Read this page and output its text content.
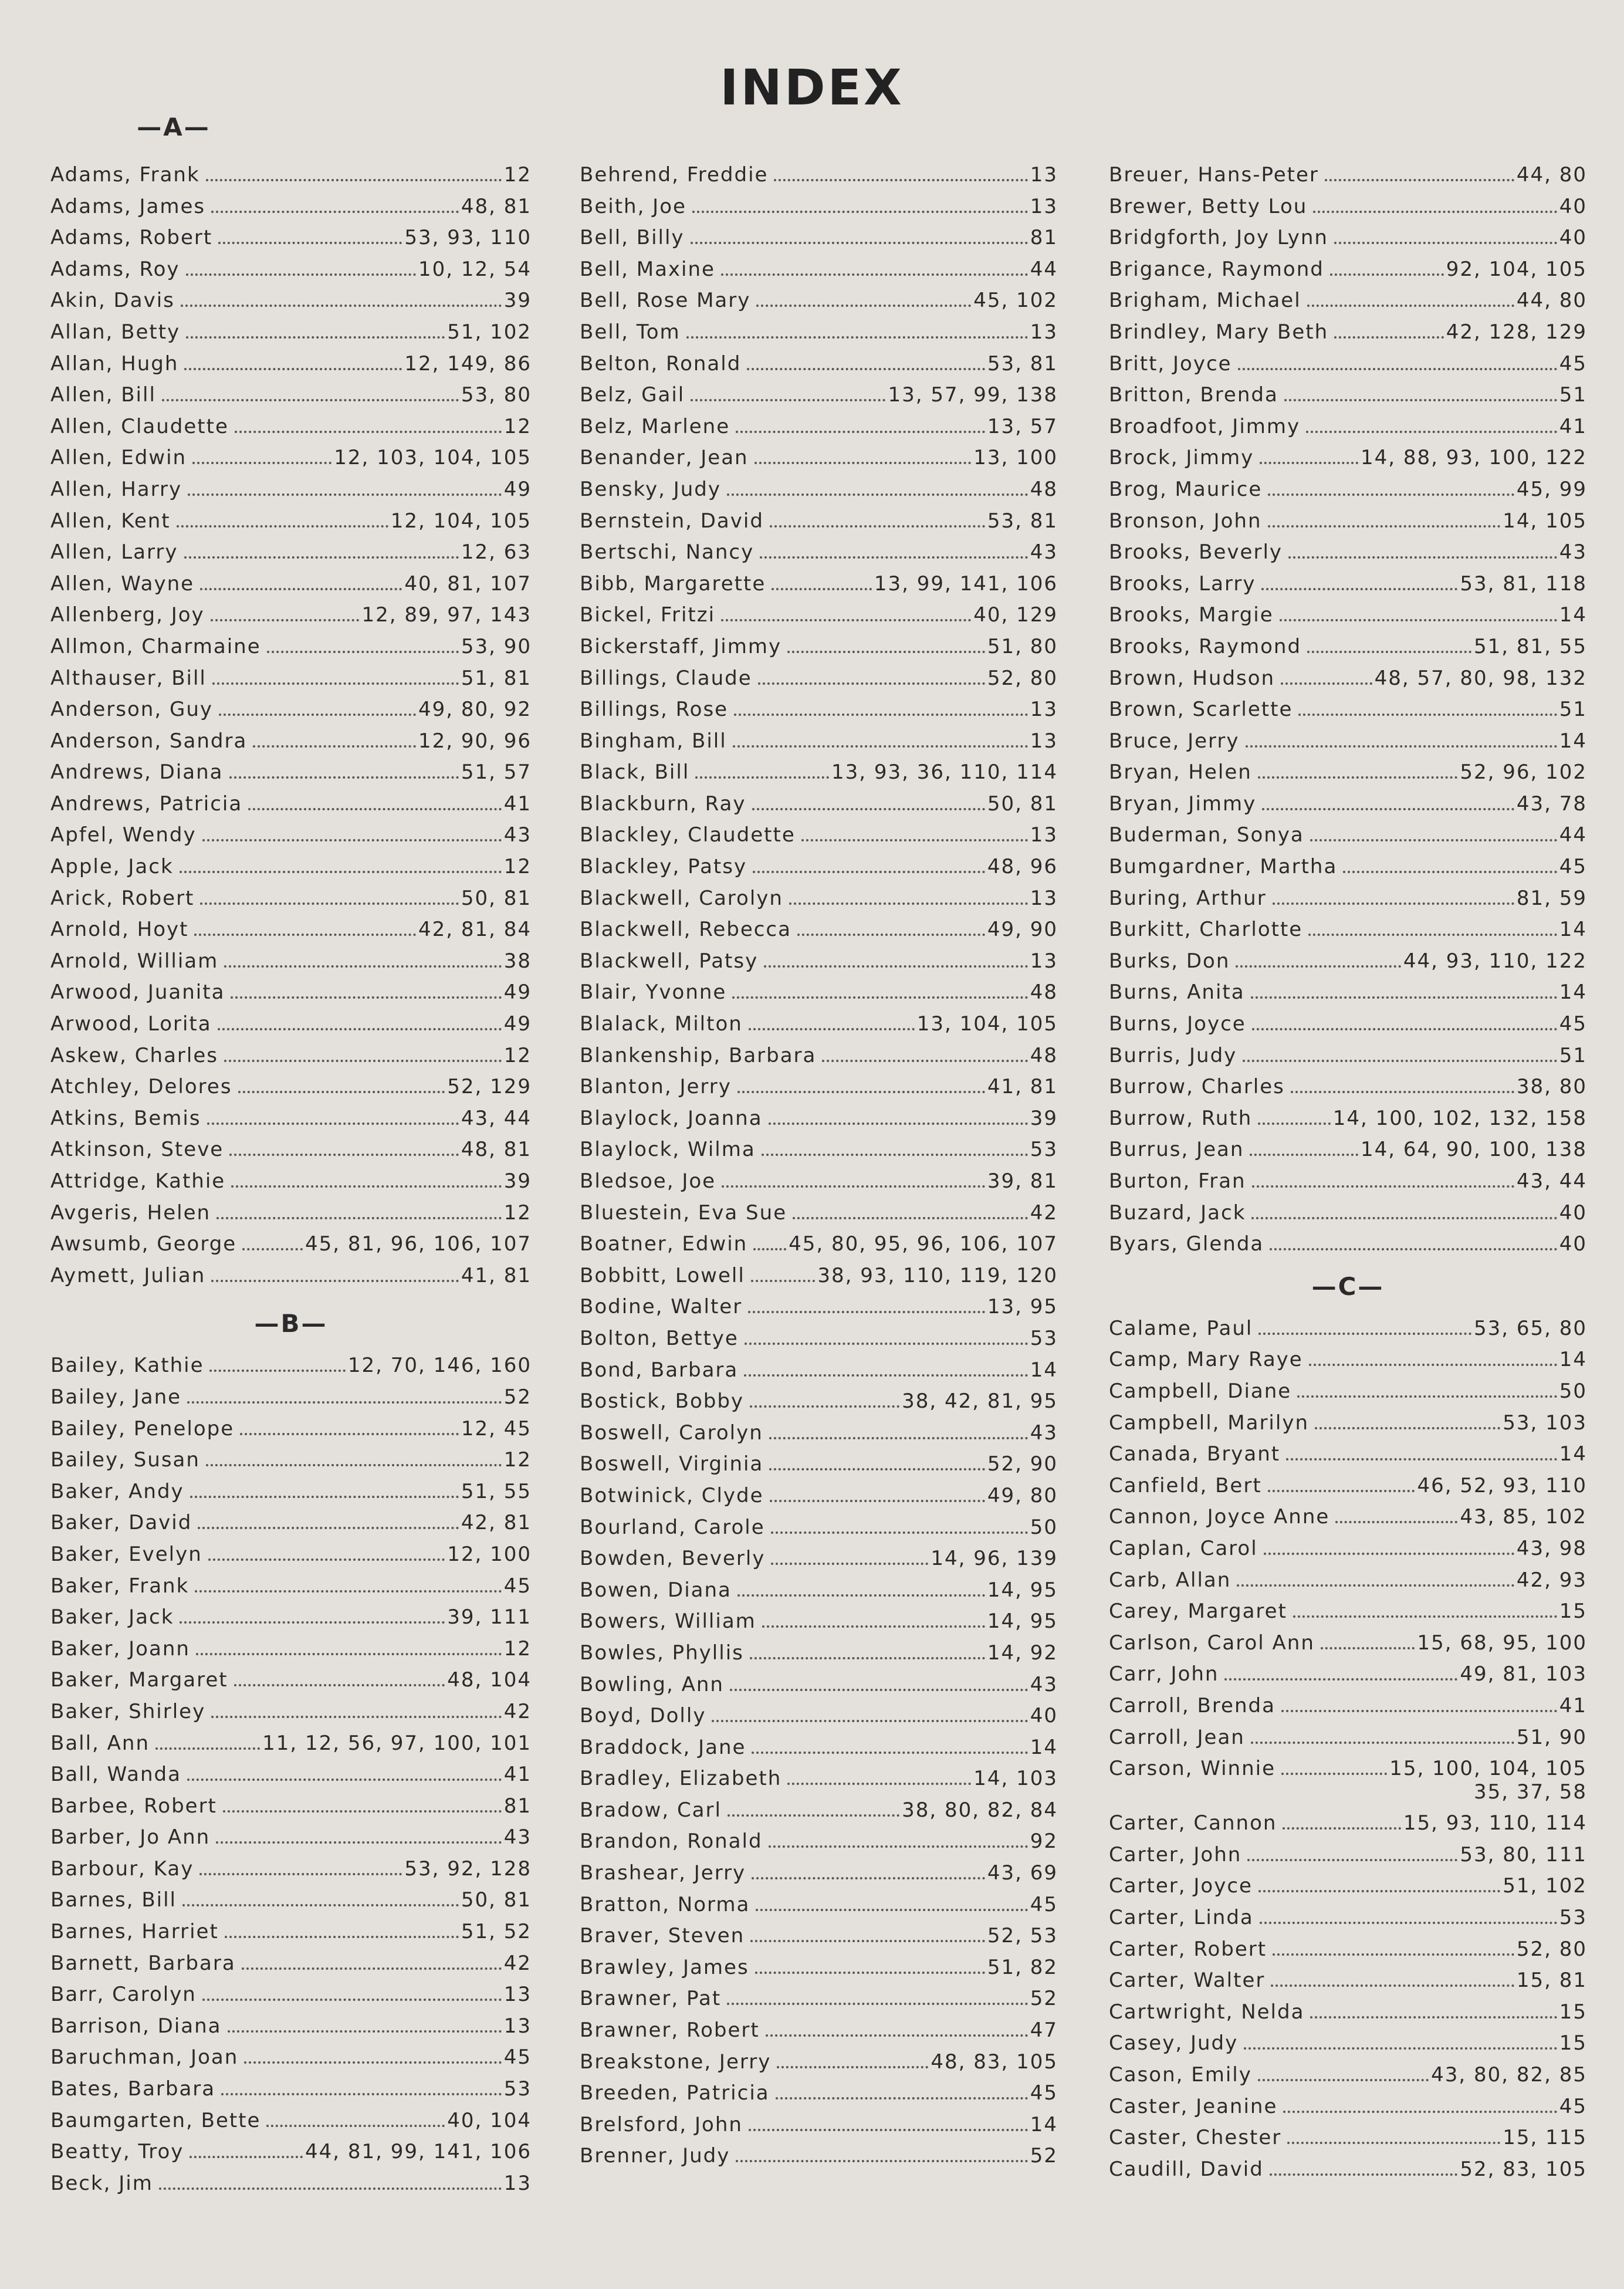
INDEX
—A—
Adams, Frank	12
Adams, James	48, 81
Adams, Robert	53, 93, 110
Adams, Roy	10, 12, 54
Akin, Davis	39
Allan, Betty	51, 102
Allan, Hugh	12, 149, 86
Allen, Bill	53, 80
Allen, Claudette	12
Allen, Edwin	12, 103, 104, 105
Allen, Harry	49
Allen, Kent	12, 104, 105
Allen, Larry	12, 63
Allen, Wayne	40, 81, 107
Allenberg, Joy	12, 89, 97, 143
Allmon, Charmaine	53, 90
Althauser, Bill	51, 81
Anderson, Guy	49, 80, 92
Anderson, Sandra	12, 90, 96
Andrews, Diana	51, 57
Andrews, Patricia	41
Apfel, Wendy	43
Apple, Jack	12
Arick, Robert	50, 81
Arnold, Hoyt	42, 81, 84
Arnold, William	38
Arwood, Juanita	49
Arwood, Lorita	49
Askew, Charles	12
Atchley, Delores	52, 129
Atkins, Bemis	43, 44
Atkinson, Steve	48, 81
Attridge, Kathie	39
Avgeris, Helen	12
Awsumb, George	45, 81, 96, 106, 107
Aymett, Julian	41, 81
—B—
Bailey, Kathie	12, 70, 146, 160
Bailey, Jane	52
Bailey, Penelope	12, 45
Bailey, Susan	12
Baker, Andy	51, 55
Baker, David	42, 81
Baker, Evelyn	12, 100
Baker, Frank	45
Baker, Jack	39, 111
Baker, Joann	12
Baker, Margaret	48, 104
Baker, Shirley	42
Ball, Ann	11, 12, 56, 97, 100, 101
Ball, Wanda	41
Barbee, Robert	81
Barber, Jo Ann	43
Barbour, Kay	53, 92, 128
Barnes, Bill	50, 81
Barnes, Harriet	51, 52
Barnett, Barbara	42
Barr, Carolyn	13
Barrison, Diana	13
Baruchman, Joan	45
Bates, Barbara	53
Baumgarten, Bette	40, 104
Beatty, Troy	44, 81, 99, 141, 106
Beck, Jim	13
Behrend, Freddie	13
Beith, Joe	13
Bell, Billy	81
Bell, Maxine	44
Bell, Rose Mary	45, 102
Bell, Tom	13
Belton, Ronald	53, 81
Belz, Gail	13, 57, 99, 138
Belz, Marlene	13, 57
Benander, Jean	13, 100
Bensky, Judy	48
Bernstein, David	53, 81
Bertschi, Nancy	43
Bibb, Margarette	13, 99, 141, 106
Bickel, Fritzi	40, 129
Bickerstaff, Jimmy	51, 80
Billings, Claude	52, 80
Billings, Rose	13
Bingham, Bill	13
Black, Bill	13, 93, 36, 110, 114
Blackburn, Ray	50, 81
Blackley, Claudette	13
Blackley, Patsy	48, 96
Blackwell, Carolyn	13
Blackwell, Rebecca	49, 90
Blackwell, Patsy	13
Blair, Yvonne	48
Blalack, Milton	13, 104, 105
Blankenship, Barbara	48
Blanton, Jerry	41, 81
Blaylock, Joanna	39
Blaylock, Wilma	53
Bledsoe, Joe	39, 81
Bluestein, Eva Sue	42
Boatner, Edwin 45, 80, 95, 96, 106, 107
Bobbitt, Lowell	38, 93, 110, 119, 120
Bodine, Walter	13, 95
Bolton, Bettye	53
Bond, Barbara	14
Bostick, Bobby	38, 42, 81, 95
Boswell, Carolyn	43
Boswell, Virginia	52, 90
Botwinick, Clyde	49, 80
Bourland, Carole	50
Bowden, Beverly	14, 96, 139
Bowen, Diana	14, 95
Bowers, William	14, 95
Bowles, Phyllis	14, 92
Bowling, Ann	43
Boyd, Dolly	40
Braddock, Jane	14
Bradley, Elizabeth	14, 103
Bradow, Carl	38, 80, 82, 84
Brandon, Ronald	92
Brashear, Jerry	43, 69
Bratton, Norma	45
Braver, Steven	52, 53
Brawley, James	51, 82
Brawner, Pat	52
Brawner, Robert	47
Breakstone, Jerry	48, 83, 105
Breeden, Patricia	45
Brelsford, John	14
Brenner, Judy	52
Breuer, Hans-Peter	44, 80
Brewer, Betty Lou	40
Bridgforth, Joy Lynn	40
Brigance, Raymond	92, 104, 105
Brigham, Michael	44, 80
Brindley, Mary Beth	42, 128, 129
Britt, Joyce	45
Britton, Brenda	51
Broadfoot, Jimmy	41
Brock, Jimmy	14, 88, 93, 100, 122
Brog, Maurice	45, 99
Bronson, John	14, 105
Brooks, Beverly	43
Brooks, Larry	53, 81, 118
Brooks, Margie	14
Brooks, Raymond	51, 81, 55
Brown, Hudson	48, 57, 80, 98, 132
Brown, Scarlette	51
Bruce, Jerry	14
Bryan, Helen	52, 96, 102
Bryan, Jimmy	43, 78
Buderman, Sonya	44
Bumgardner, Martha	45
Buring, Arthur	81, 59
Burkitt, Charlotte	14
Burks, Don	44, 93, 110, 122
Burns, Anita	14
Burns, Joyce	45
Burris, Judy	51
Burrow, Charles	38, 80
Burrow, Ruth	14, 100, 102, 132, 158
Burrus, Jean	14, 64, 90, 100, 138
Burton, Fran	43, 44
Buzard, Jack	40
Byars, Glenda	40
—C—
Calame, Paul	53, 65, 80
Camp, Mary Raye	14
Campbell, Diane	50
Campbell, Marilyn	53, 103
Canada, Bryant	14
Canfield, Bert	46, 52, 93, 110
Cannon, Joyce Anne	43, 85, 102
Caplan, Carol	43, 98
Carb, Allan	42, 93
Carey, Margaret	15
Carlson, Carol Ann	15, 68, 95, 100
Carr, John	49, 81, 103
Carroll, Brenda	41
Carroll, Jean	51, 90
Carson, Winnie	15, 100, 104, 105
35, 37, 58
Carter, Cannon	15, 93, 110, 114
Carter, John	53, 80, 111
Carter, Joyce	51, 102
Carter, Linda	53
Carter, Robert	52, 80
Carter, Walter	15, 81
Cartwright, Nelda	15
Casey, Judy	15
Cason, Emily	43, 80, 82, 85
Caster, Jeanine	45
Caster, Chester	15, 115
Caudill, David	52, 83, 105
